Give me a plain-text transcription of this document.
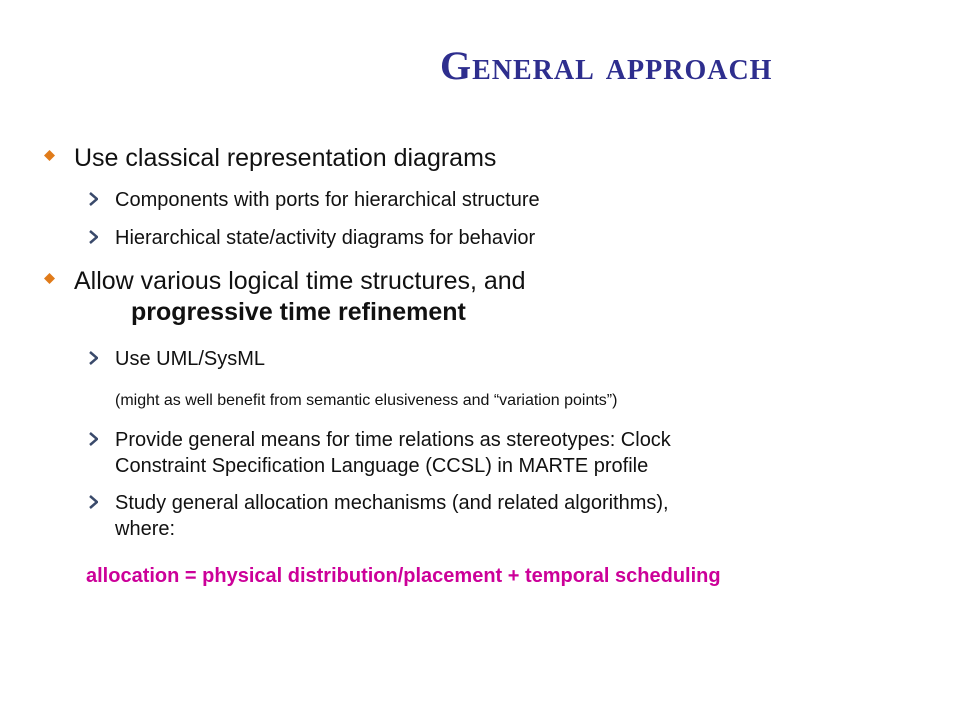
General approach
Use classical representation diagrams
Components with ports for hierarchical structure
Hierarchical state/activity diagrams for behavior
Allow various logical time structures, and
progressive time refinement
Use UML/SysML
(might as well benefit from semantic elusiveness and “variation points”)
Provide general means for time relations as stereotypes: Clock
Constraint Specification Language (CCSL) in MARTE profile
Study general allocation mechanisms (and related algorithms),
where:
allocation = physical distribution/placement + temporal scheduling
